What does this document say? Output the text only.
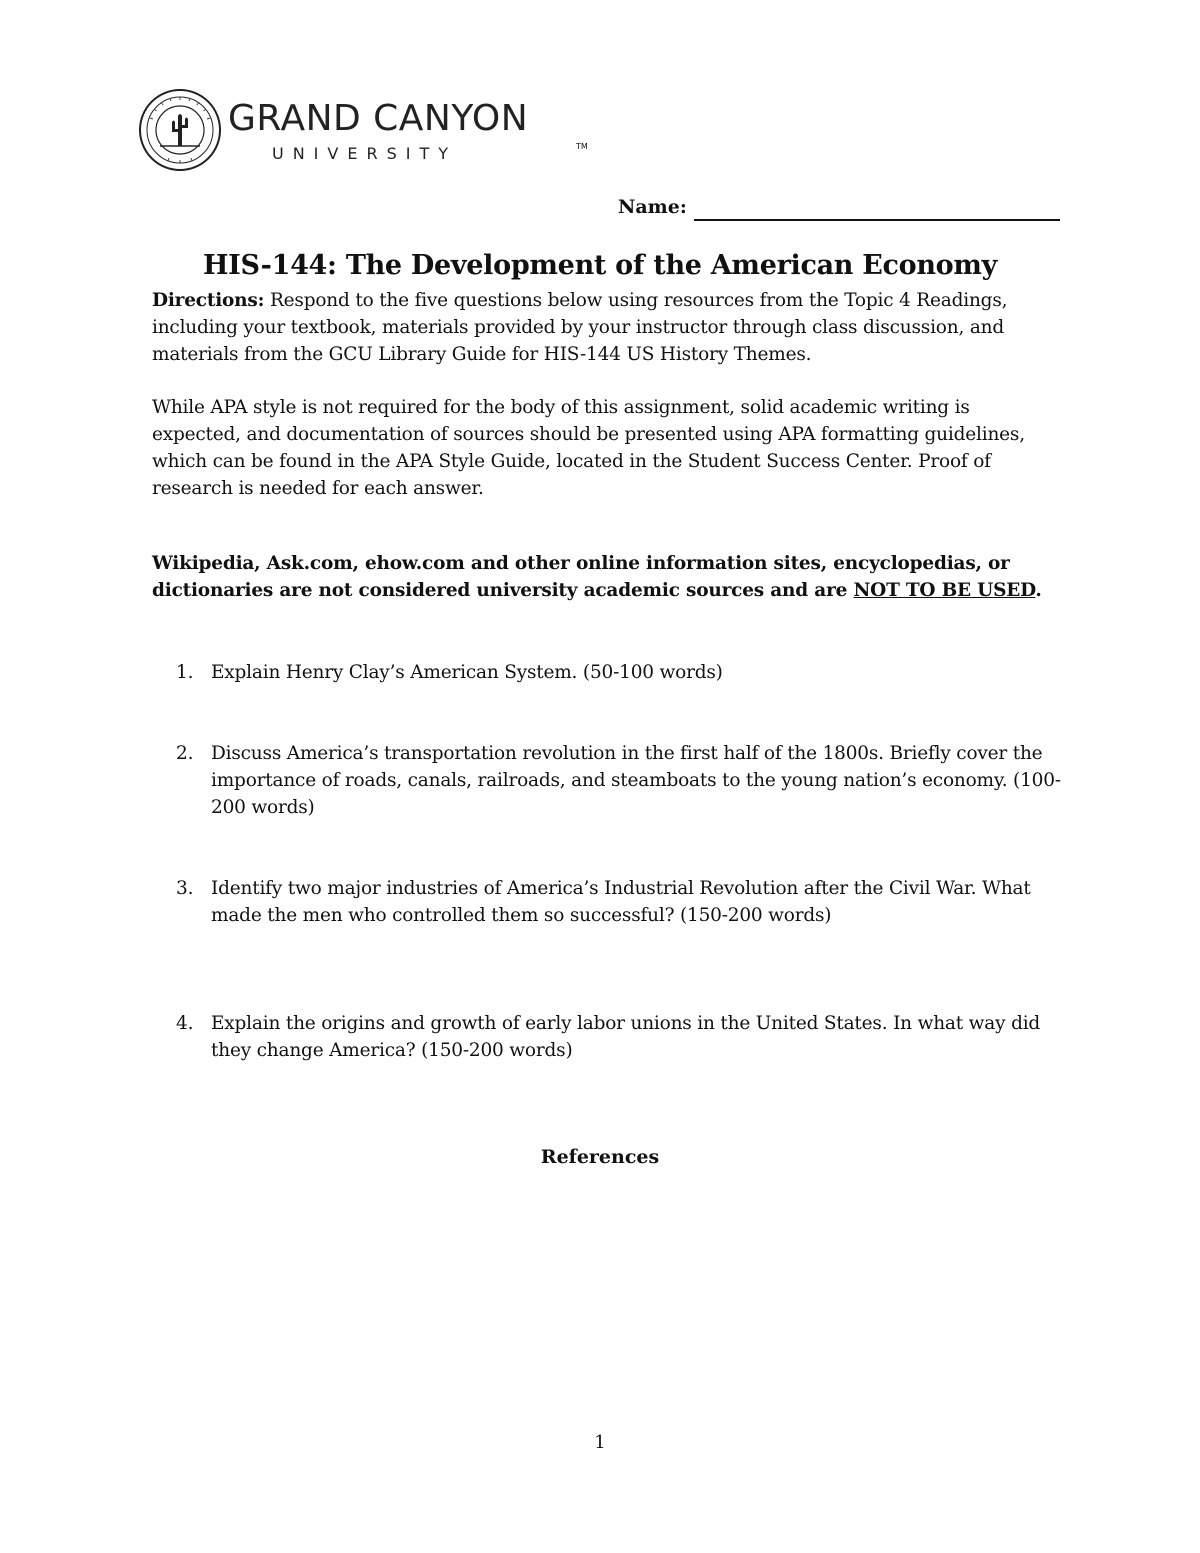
GRAND CANYON
UNIVERSITY	TM
Name:
HIS-144: The Development of the American Economy
Directions: Respond to the five questions below using resources from the Topic 4 Readings, including your textbook, materials provided by your instructor through class discussion, and materials from the GCU Library Guide for HIS-144 US History Themes.
While APA style is not required for the body of this assignment, solid academic writing is expected, and documentation of sources should be presented using APA formatting guidelines, which can be found in the APA Style Guide, located in the Student Success Center. Proof of research is needed for each answer.
Wikipedia, Ask.com, ehow.com and other online information sites, encyclopedias, or dictionaries are not considered university academic sources and are NOT TO BE USED.
1. Explain Henry Clay’s American System. (50-100 words)
2. Discuss America’s transportation revolution in the first half of the 1800s. Briefly cover the importance of roads, canals, railroads, and steamboats to the young nation’s economy. (100-200 words)
3. Identify two major industries of America’s Industrial Revolution after the Civil War. What made the men who controlled them so successful? (150-200 words)
4. Explain the origins and growth of early labor unions in the United States. In what way did they change America? (150-200 words)
References
1
